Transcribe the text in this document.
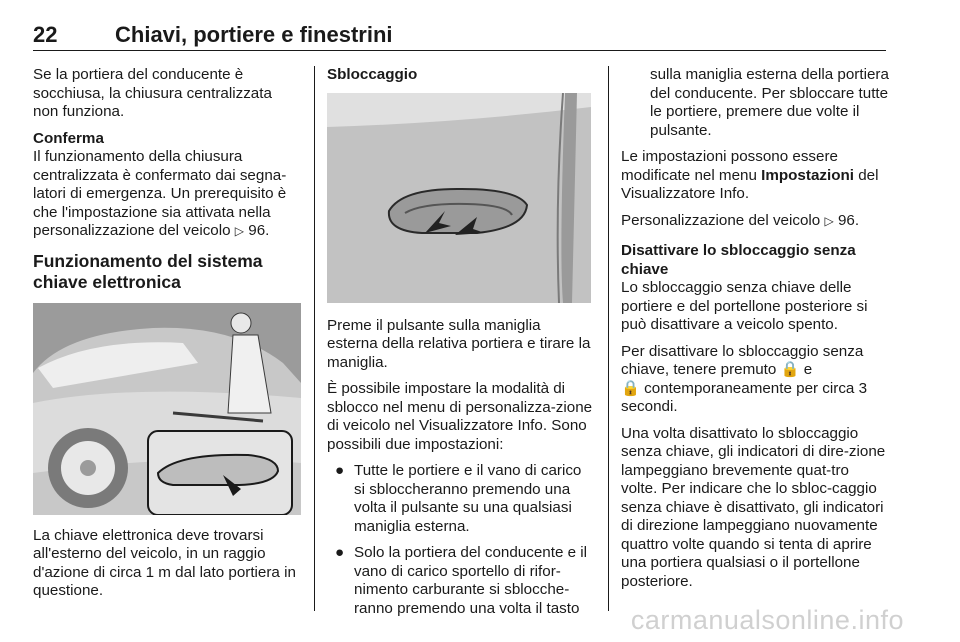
22	Chiavi, portiere e finestrini

Se la portiera del conducente è socchiusa, la chiusura centralizzata non funziona.

Conferma

Il funzionamento della chiusura centralizzata è confermato dai segna-latori di emergenza. Un prerequisito è che l'impostazione sia attivata nella personalizzazione del veicolo ▷ 96.

Funzionamento del sistema
chiave elettronica

La chiave elettronica deve trovarsi all'esterno del veicolo, in un raggio d'azione di circa 1 m dal lato portiera in questione.

Sbloccaggio

Preme il pulsante sulla maniglia esterna della relativa portiera e tirare la maniglia.

È possibile impostare la modalità di sblocco nel menu di personalizza-zione di veicolo nel Visualizzatore Info. Sono possibili due impostazioni:

● Tutte le portiere e il vano di carico si sbloccheranno premendo una volta il pulsante su una qualsiasi maniglia esterna.
● Solo la portiera del conducente e il vano di carico sportello di rifor-nimento carburante si sblocche-ranno premendo una volta il tasto

sulla maniglia esterna della portiera del conducente. Per sbloccare tutte le portiere, premere due volte il pulsante.

Le impostazioni possono essere modificate nel menu Impostazioni del Visualizzatore Info.

Personalizzazione del veicolo ▷ 96.

Disattivare lo sbloccaggio senza
chiave

Lo sbloccaggio senza chiave delle portiere e del portellone posteriore si può disattivare a veicolo spento.

Per disattivare lo sbloccaggio senza chiave, tenere premuto 🔒 e
🔒 contemporaneamente per circa 3 secondi.

Una volta disattivato lo sbloccaggio senza chiave, gli indicatori di dire-zione lampeggiano brevemente quat-tro volte. Per indicare che lo sbloc-caggio senza chiave è disattivato, gli indicatori di direzione lampeggiano nuovamente quattro volte quando si tenta di aprire una portiera qualsiasi o il portellone posteriore.

carmanualsonline.info
